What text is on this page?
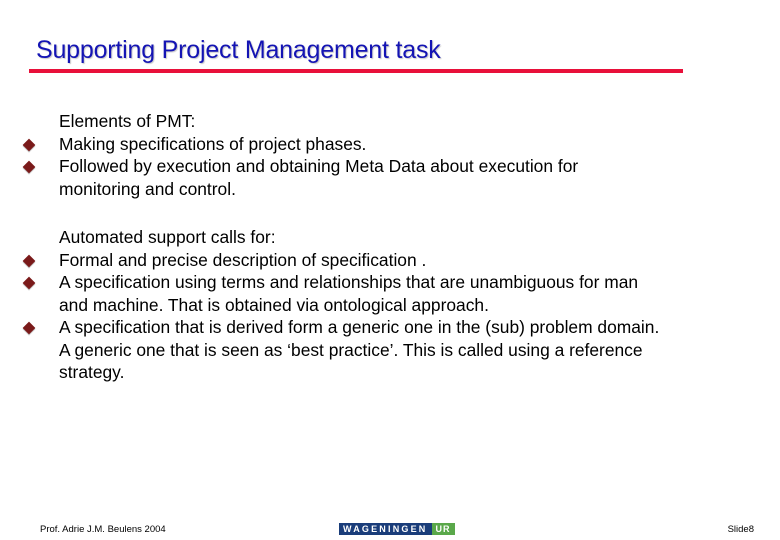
Supporting Project Management task
Elements of PMT:
Making specifications of project phases.
Followed by execution and obtaining Meta Data about execution for
monitoring and control.
Automated support calls for:
Formal and precise description of specification .
A specification using terms and relationships that are unambiguous for man
and machine. That is obtained via ontological approach.
A specification that is derived form a generic one in the (sub) problem domain.
A generic one that is seen as ‘best practice’. This is called using a reference
strategy.
Prof. Adrie J.M. Beulens 2004	WAGENINGEN UR	Slide8
